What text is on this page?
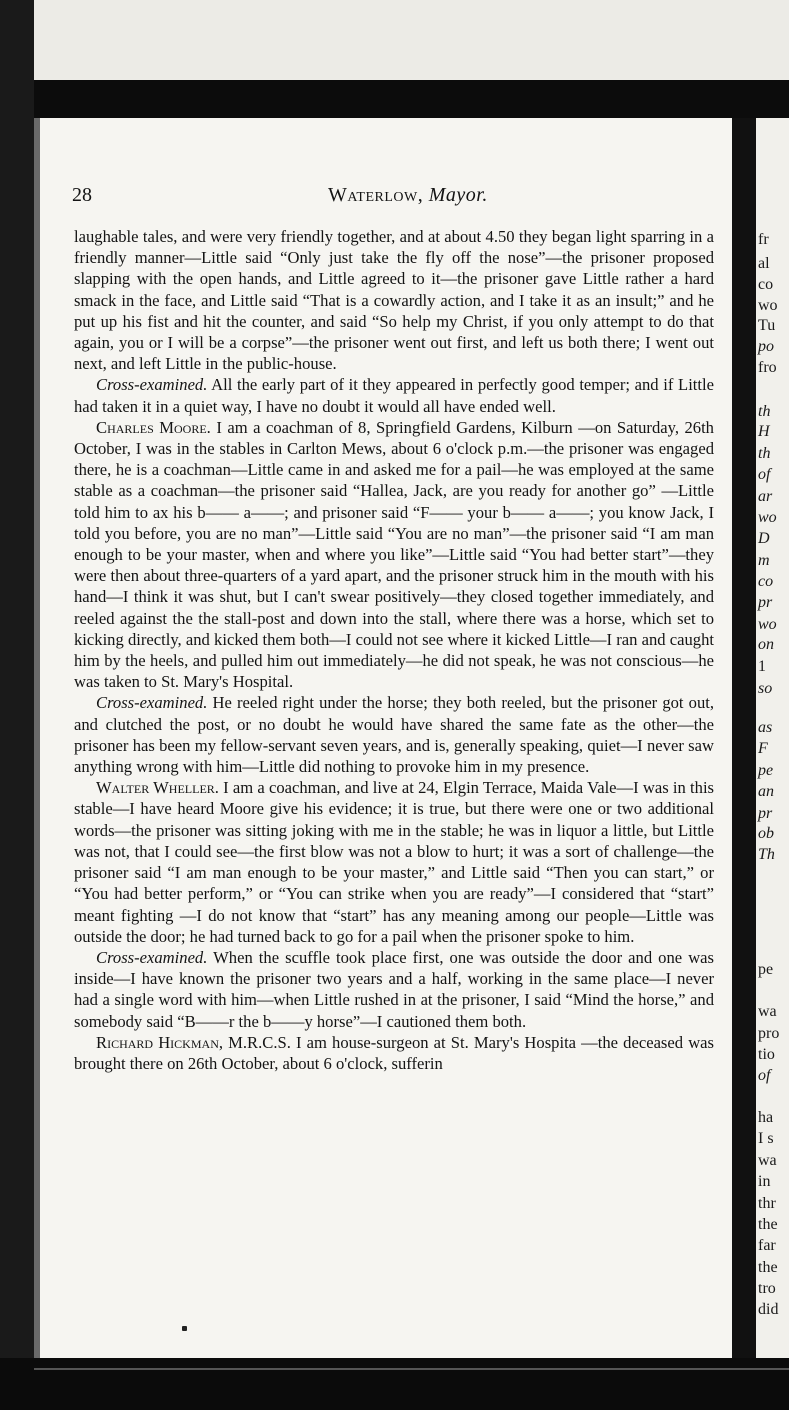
28	Waterlow, Mayor.

laughable tales, and were very friendly together, and at about 4.50 they began light sparring in a friendly manner—Little said “Only just take the fly off the nose”—the prisoner proposed slapping with the open hands, and Little agreed to it—the prisoner gave Little rather a hard smack in the face, and Little said “That is a cowardly action, and I take it as an insult;” and he put up his fist and hit the counter, and said “So help my Christ, if you only attempt to do that again, you or I will be a corpse”—the prisoner went out first, and left us both there; I went out next, and left Little in the public-house.

Cross-examined. All the early part of it they appeared in perfectly good temper; and if Little had taken it in a quiet way, I have no doubt it would all have ended well.

Charles Moore. I am a coachman of 8, Springfield Gardens, Kilburn —on Saturday, 26th October, I was in the stables in Carlton Mews, about 6 o'clock p.m.—the prisoner was engaged there, he is a coachman—Little came in and asked me for a pail—he was employed at the same stable as a coachman—the prisoner said “Hallea, Jack, are you ready for another go” —Little told him to ax his b—— a——; and prisoner said “F—— your b—— a——; you know Jack, I told you before, you are no man”—Little said “You are no man”—the prisoner said “I am man enough to be your master, when and where you like”—Little said “You had better start”—they were then about three-quarters of a yard apart, and the prisoner struck him in the mouth with his hand—I think it was shut, but I can't swear positively—they closed together immediately, and reeled against the the stall-post and down into the stall, where there was a horse, which set to kicking directly, and kicked them both—I could not see where it kicked Little—I ran and caught him by the heels, and pulled him out immediately—he did not speak, he was not conscious—he was taken to St. Mary's Hospital.

Cross-examined. He reeled right under the horse; they both reeled, but the prisoner got out, and clutched the post, or no doubt he would have shared the same fate as the other—the prisoner has been my fellow-servant seven years, and is, generally speaking, quiet—I never saw anything wrong with him—Little did nothing to provoke him in my presence.

Walter Wheller. I am a coachman, and live at 24, Elgin Terrace, Maida Vale—I was in this stable—I have heard Moore give his evidence; it is true, but there were one or two additional words—the prisoner was sitting joking with me in the stable; he was in liquor a little, but Little was not, that I could see—the first blow was not a blow to hurt; it was a sort of challenge—the prisoner said “I am man enough to be your master,” and Little said “Then you can start,” or “You had better perform,” or “You can strike when you are ready”—I considered that “start” meant fighting —I do not know that “start” has any meaning among our people—Little was outside the door; he had turned back to go for a pail when the prisoner spoke to him.

Cross-examined. When the scuffle took place first, one was outside the door and one was inside—I have known the prisoner two years and a half, working in the same place—I never had a single word with him—when Little rushed in at the prisoner, I said “Mind the horse,” and somebody said “B——r the b——y horse”—I cautioned them both.

Richard Hickman, M.R.C.S. I am house-surgeon at St. Mary's Hospita —the deceased was brought there on 26th October, about 6 o'clock, sufferin

fr
al
co
wo
Tu
po
fro
th
H
th
of
ar
wo
D
m
co
pr
wo
on
1
so
as
F
pe
an
pr
ob
Th
pe
wa
pro
tio
of
ha
I s
wa
in
thr
the
far
the
tro
did
